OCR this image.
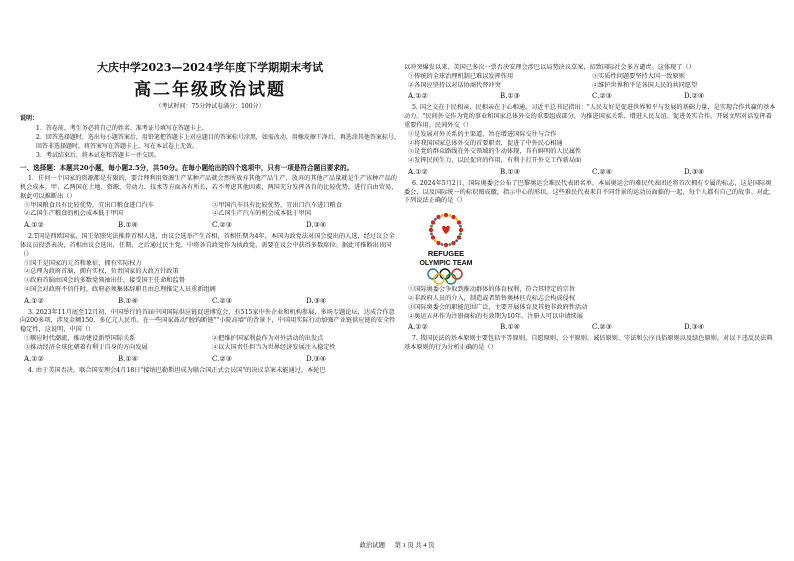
大庆中学2023—2024学年度下学期期末考试
高二年级政治试题
（考试时间：75分钟试卷满分：100分）
说明：
1．答卷前，考生务必将自己的姓名、准考证号填写在答题卡上。
2．回答选择题时，选出每小题答案后，用铅笔把答题卡上对应题目的答案标号涂黑，如需改动，用橡皮擦干净后，再选涂其他答案标号。回答非选择题时，将答案写在答题卡上，写在本试卷上无效。
3．考试结束后，将本试卷和答题卡一并交回。
一、选择题：本题共20小题，每小题2.5分，共50分。在每小题给出的四个选项中，只有一项是符合题目要求的。
1．任何一个国家的资源都是有限的，要合理利用资源生产某种产品就会然所放弃其他产品生产，放弃的其他产品量就是生产该种产品的机会成本。甲、乙两国在土地、资源、劳动力、技术等方面各有所长，若不考虑其他因素，两国充分发挥各自的比较优势，进行自由贸易，据此可以推断出（）
①甲国粮食具有比较优势，宜出口粮食进口汽车	③甲国汽车具有比较优势，宜出口汽车进口粮食
②乙国生产粮食的机会成本低于甲国	④乙国生产汽车的机会成本低于甲国
A.①②	B.①④	C.②③	D.③④
2.T国是西欧国家，国王依照宪法推荐首相人选，由议会选举产生首相，首相任期为4年，本国为政党法对国会提出的人选，经过议会全体议员投票表决，首相由议会选出，任期，之后通过民主党，中将各自政党作为执政党，需要在议会中获得多数席位。据此可推断出该国（）
①国王是国家的元首和象征，拥有实际权力
②总理为政府首脑，拥有实权，负责国家的大政方针政策
③政府首脑由国会的多数党领袖出任，接受国王任命和监督
④国会对政府不信任时，政府必须集体辞职且由总理推定人员重新组阁
A.①②	B.①④	C.②③	D.③④
3. 2023年11月底至12月初，中国举行的首届中国国际供应链促进博览会，有515家中外企业和机构参展，多场专题论坛，达成合作意向200多项，涉及金额150、多亿元人民币。在一些国家鼓动"脱钩断链""小院高墙"的背景下，中国用实际行动加强产业链供应链的安全性稳定性，这说明，中国（）
①顺应时代潮流，推动建设新型国际关系	②把维护国家利益作为对外活动的出发点
③推动经济全球化朝着有利于自身的方向发展	④以大国责任担当为世界经济发展注入稳定性
A.①②	B.①④	C.②③	D.③④
4. 由于美国否决，联合国安理会4月18日"接纳巴勒斯坦成为联合国正式会员国"的决议草案未能通过。本轮巴
以冲突爆发以来，美国已多次一票否决安理会涉巴以局势决议草案，招致国际社会多方谴责。这体现了（）
①传统的全球治理机制已难以发挥作用	③实质性问题要坚持大国一致原则
②各国应坚持以对话协商代替冲突	④维护世界和平是各国人民的共同愿望
A.①②	B.①③	C.②③	D.②④
5. 国之交在于民相亲，民相亲在于心相通。习近平总书记指出："人民友好是促进世界和平与发展的基础力量，是实现合作共赢的基本动力。"民间外交作为党的事业和国家总体外交的重要组成部分，为推进国家关系、增进人民友谊、促进务实合作、开展文明对话发挥着重要作用。民间外交（）
①是发展对外关系的主渠道，旨在增进国际交往与合作
②将我国国家总体外交的首要职责，促进了中外民心相通
③是党的群众路线在外交领域的生动体现，具有鲜明的人民属性
④发挥民间生力，以民促官的作用，有利于打开外交工作新局面
A.①②	B.①③	C.②④	D.③④
6. 2024年5月2日，国际奥委会公布了巴黎奥运会难民代表团名单，本届奥运会的难民代表团还将首次拥有专属的标志，这是国际奥委会、以及国际统一的标识图成徽，指示中心的形状。这些难民代表来自不同背景的运动员面临的一起，每个人都有自己的故事。对此，下列说法正确的是（）
REFUGEE
OLYMPIC TEAM
①国际奥委会争取到推动群体的体育权利，符合其特定的宗旨
②非政府人员的介入，制造或者销售奥林匹克标志会构成侵权
③国际奥委会的职能范围广泛，主要开展体育及其他非政府性活动
④奥运五环作为注册商标的有效期为10年，注册人可以申请续展
A.①②	B.①④	C.②③	D.③④
7. 我国民法的基本原则主要包括平等原则、自愿原则、公平原则、诚信原则、守法和公序良俗原则以及绿色原则。对以下违反民法典基本原则的行为分析正确的是（）
政治试题 第 1 页 共 4 页
